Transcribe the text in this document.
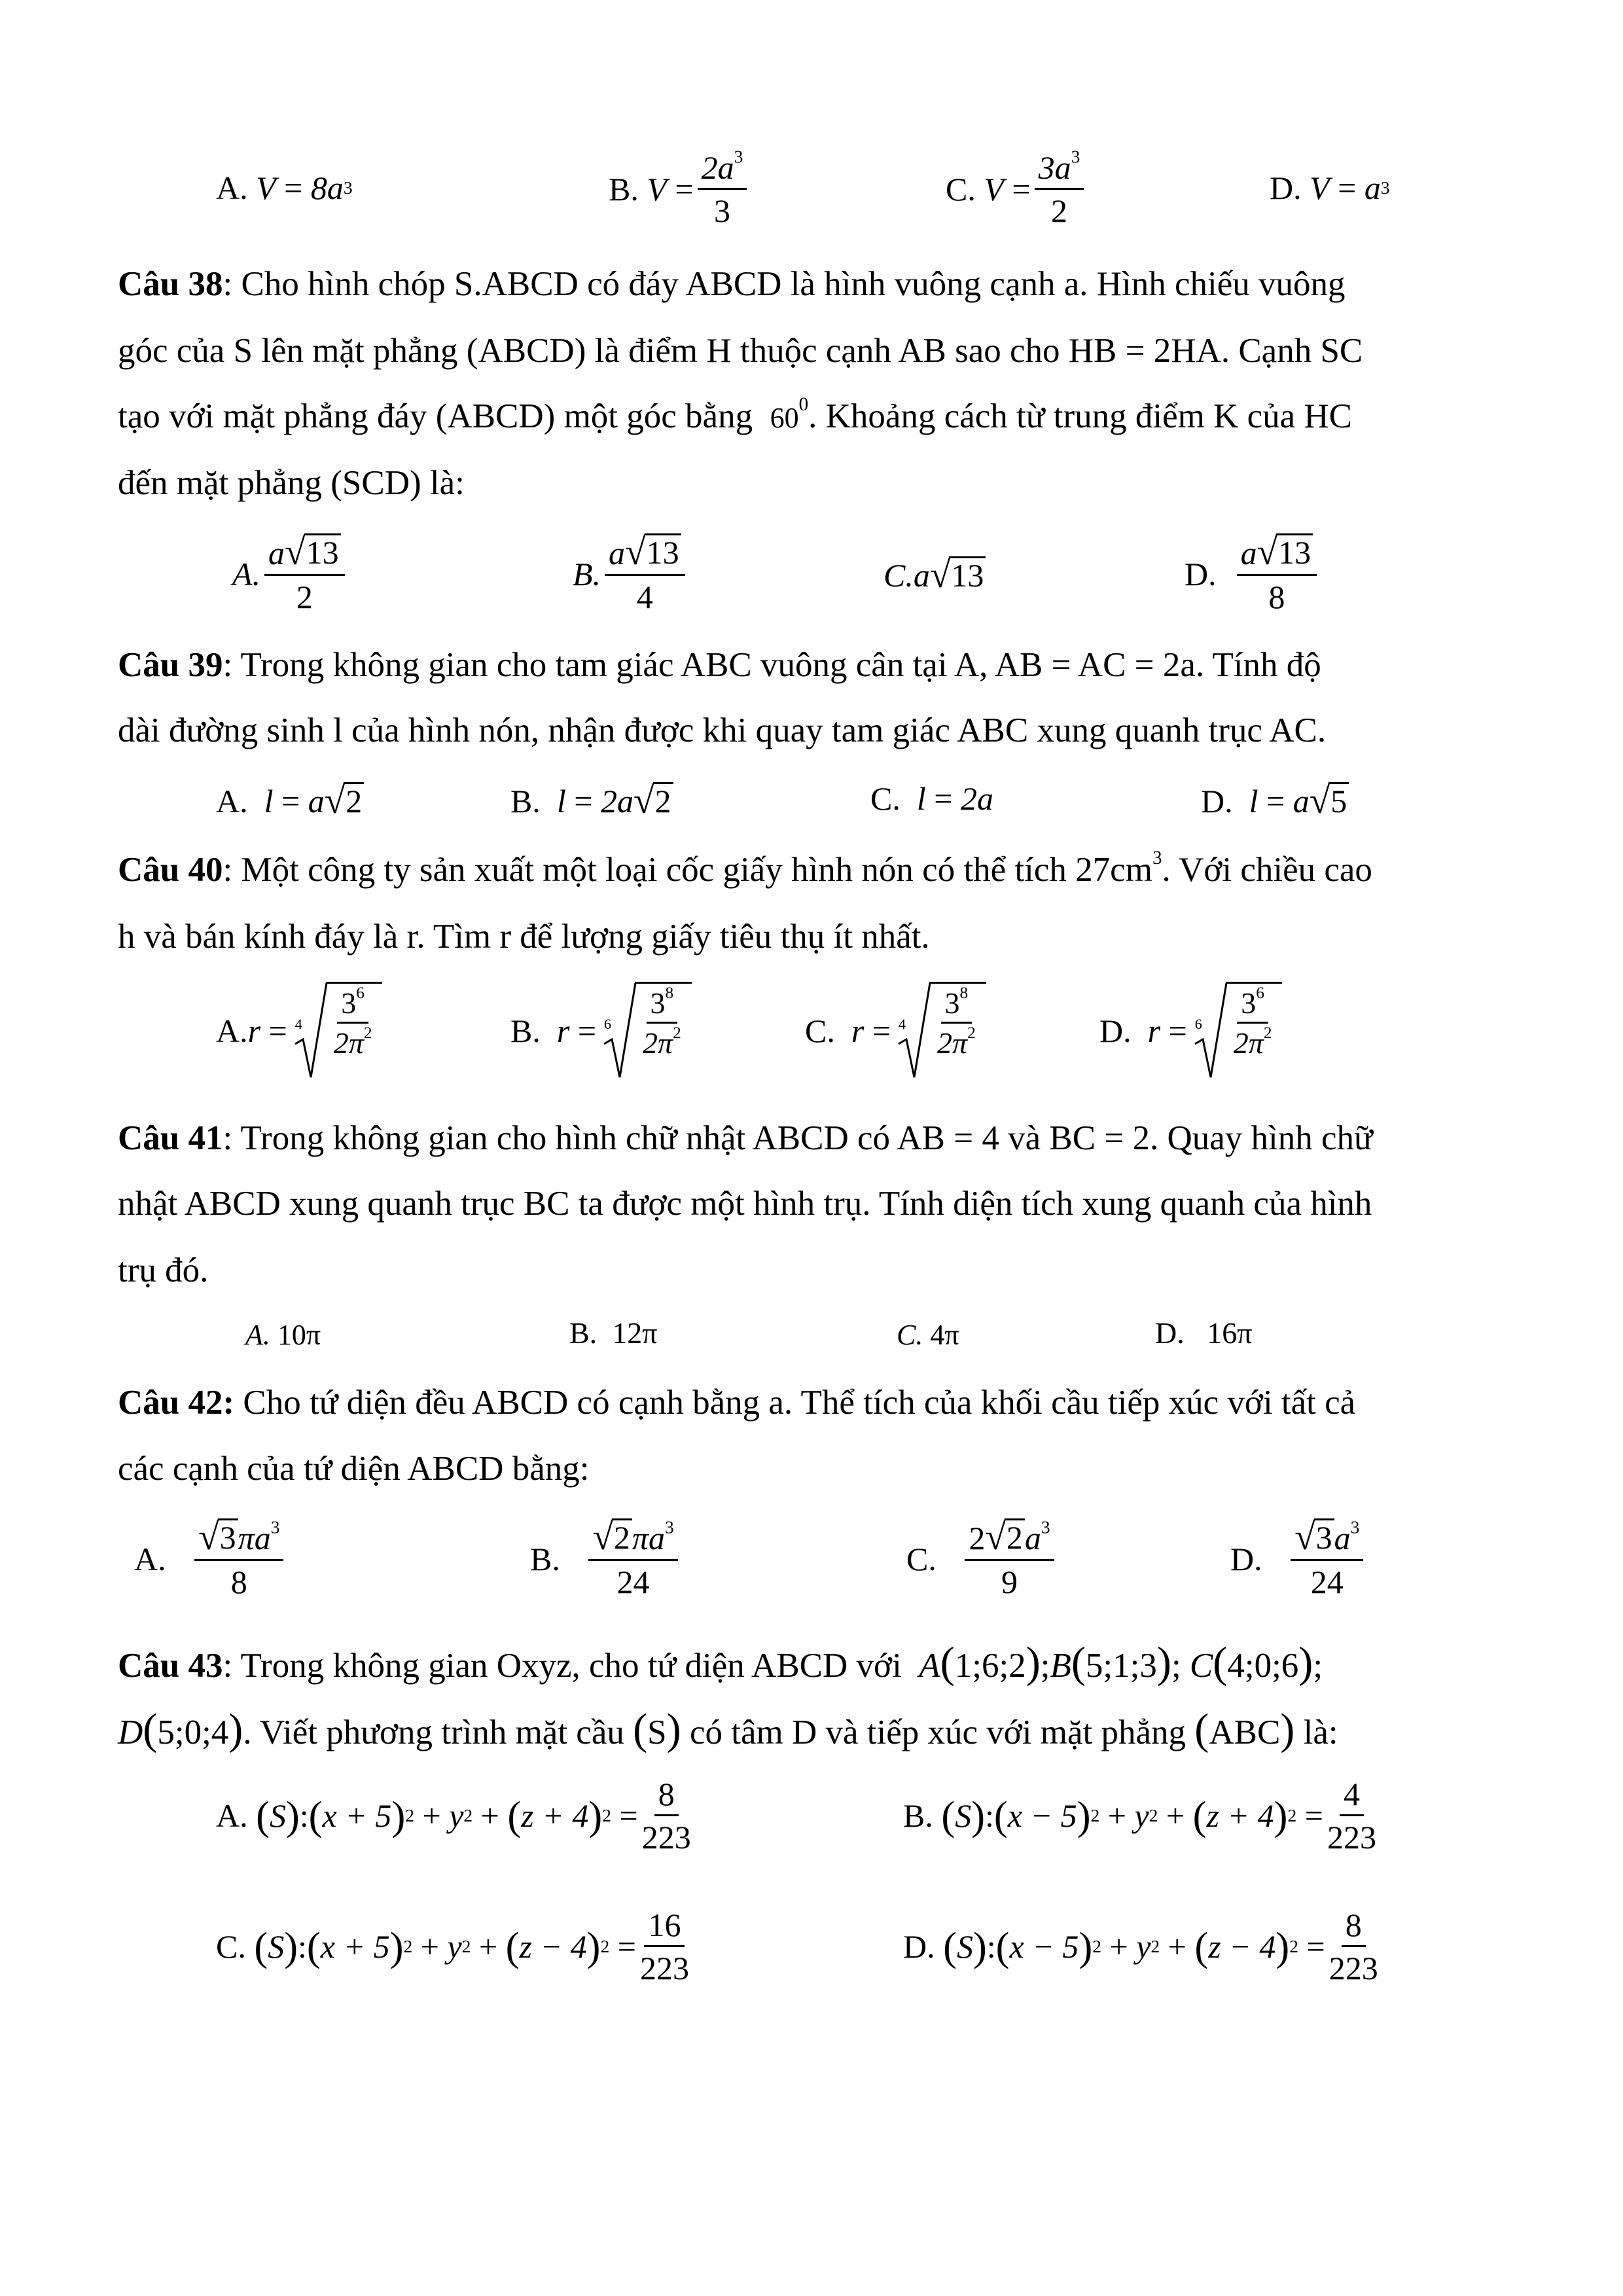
A.
V = 8a 3	B.
$V = \frac{2a^3}{3}$	C.
$V = \frac{3a^3}{2}$	D.
V = a 3
Câu 38: Cho hình chóp S.ABCD có đáy ABCD là hình vuông cạnh a. Hình chiếu vuông
góc của S lên mặt phẳng (ABCD) là điểm H thuộc cạnh AB sao cho HB = 2HA. Cạnh SC
tạo với mặt phẳng đáy (ABCD) một góc bằng $60^0$. Khoảng cách từ trung điểm K của HC
đến mặt phẳng (SCD) là:
A. $\frac{a √ 13}{2}$	B. $\frac{a √ 13}{4}$	C. a √ 13	D.
$\frac{a √ 13}{8}$
Câu 39: Trong không gian cho tam giác ABC vuông cân tại A, AB = AC = 2a. Tính độ
dài đường sinh l của hình nón, nhận được khi quay tam giác ABC xung quanh trục AC.
A.
l = a √ 2	B.
l = 2a √ 2	C.
l = 2a	D.
l = a √ 5
Câu 40: Một công ty sản xuất một loại cốc giấy hình nón có thể tích $27cm^3$. Với chiều cao
h và bán kính đáy là r. Tìm r để lượng giấy tiêu thụ ít nhất.
A. $r = 4 \frac{3^6}{2\pi^2}$	B.
$r = 6 \frac{3^8}{2\pi^2}$	C.
$r = 4 \frac{3^8}{2\pi^2}$	D.
$r = 6 \frac{3^6}{2\pi^2}$
Câu 41: Trong không gian cho hình chữ nhật ABCD có AB = 4 và BC = 2. Quay hình chữ
nhật ABCD xung quanh trục BC ta được một hình trụ. Tính diện tích xung quanh của hình
trụ đó.
A.
10π	B.
12π	C.
4π	D.
16π
Câu 42: Cho tứ diện đều ABCD có cạnh bằng a. Thể tích của khối cầu tiếp xúc với tất cả
các cạnh của tứ diện ABCD bằng:
A.
$\frac{√ 3 \pi a^3}{8}$	B.
$\frac{√ 2 \pi a^3}{24}$	C.
$\frac{2 √ 2 a^3}{9}$	D.
$\frac{√ 3 a^3}{24}$
Câu 43: Trong không gian Oxyz, cho tứ diện ABCD với A(1;6;2);B(5;1;3); C(4;0;6);
D(5;0;4). Viết phương trình mặt cầu (S) có tâm D và tiếp xúc với mặt phẳng (ABC) là:
A.
( S ) : ( x + 5 ) 2 + y 2 + ( z + 4 ) $2 = \frac{8}{223}$	B.
( S ) : ( x − 5 ) 2 + y 2 + ( z + 4 ) $2 = \frac{4}{223}$
C.
( S ) : ( x + 5 ) 2 + y 2 + ( z − 4 ) $2 = \frac{16}{223}$	D.
( S ) : ( x − 5 ) 2 + y 2 + ( z − 4 ) $2 = \frac{8}{223}$
